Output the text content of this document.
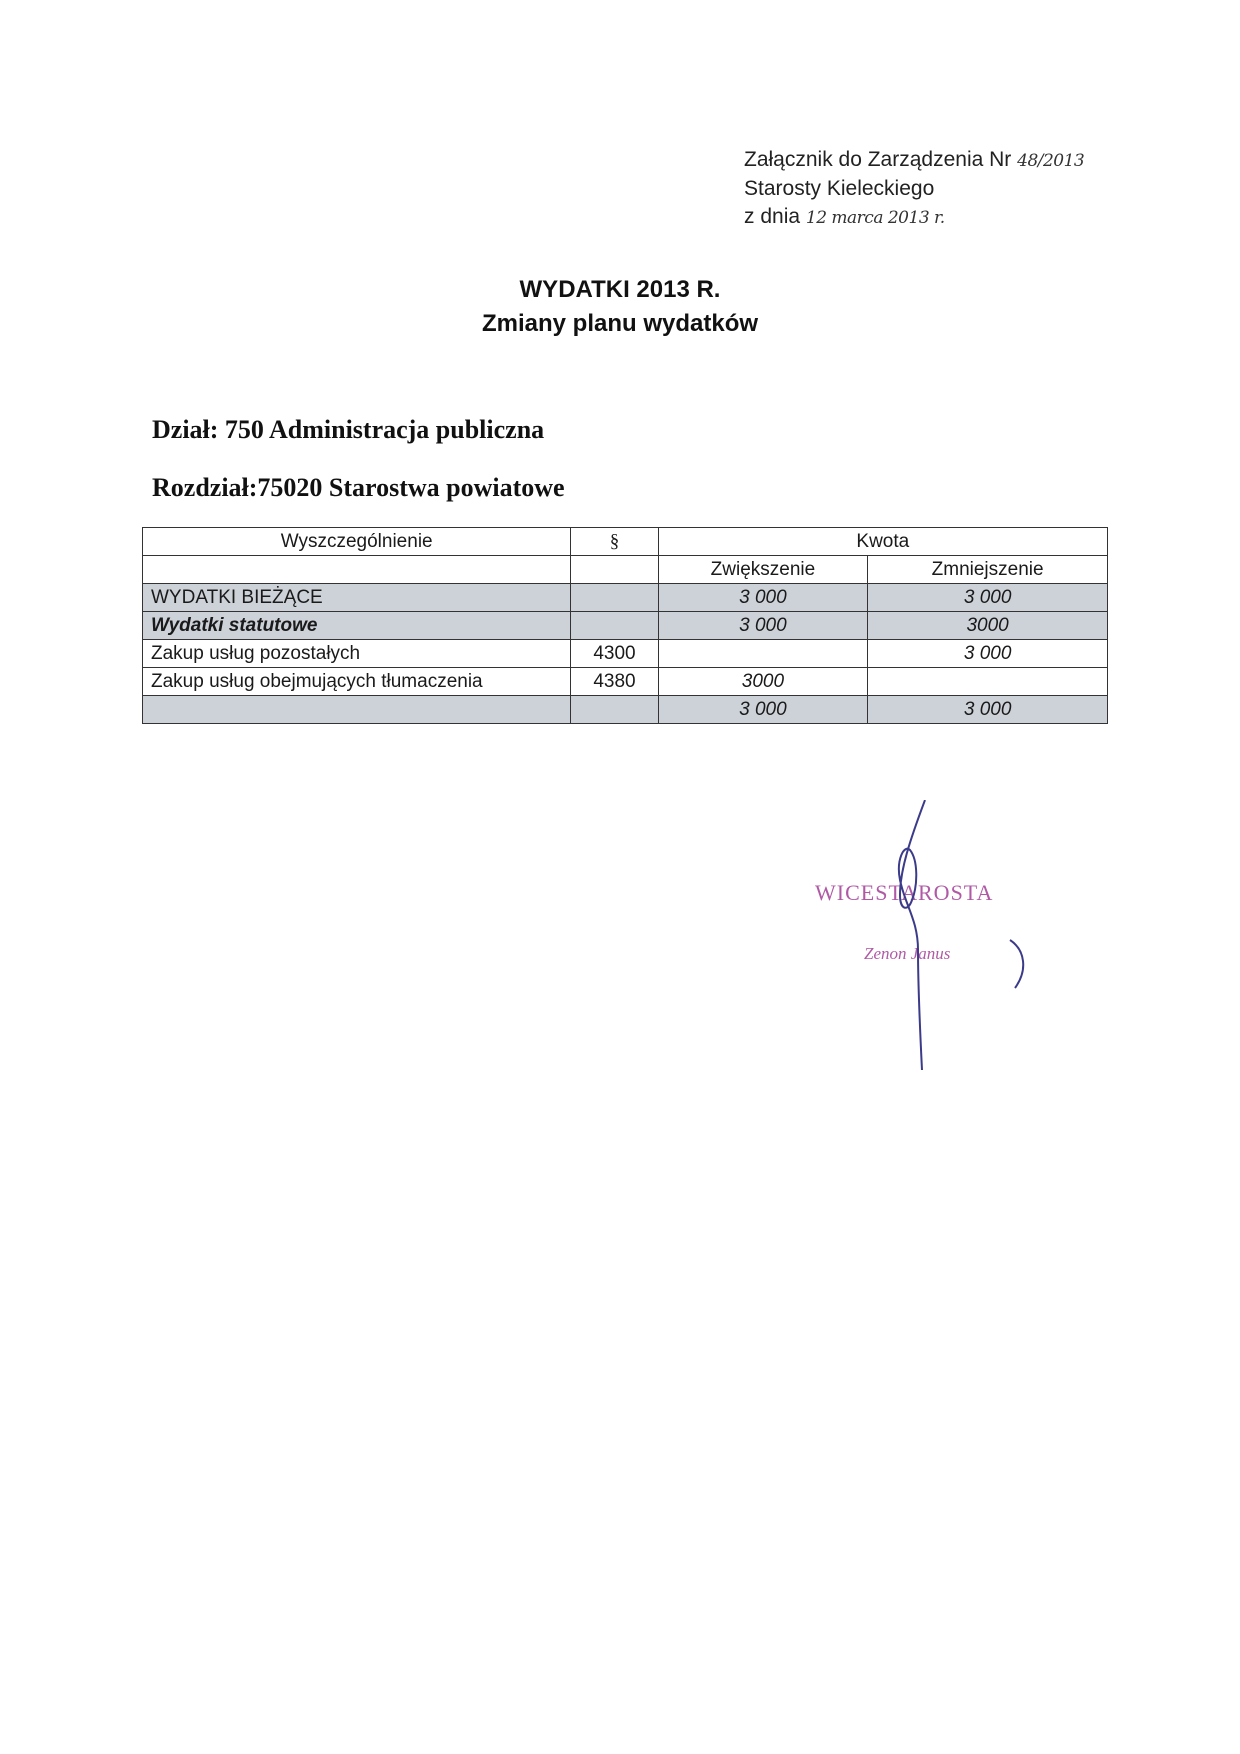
Załącznik do Zarządzenia Nr 48/2013
Starosty Kieleckiego
z dnia 12 marca 2013 r.
WYDATKI 2013 R.
Zmiany planu wydatków
Dział: 750 Administracja publiczna
Rozdział:75020 Starostwa powiatowe
Wyszczególnienie	§	Kwota	
		Zwiększenie	Zmniejszenie
WYDATKI BIEŻĄCE		3 000	3 000
Wydatki statutowe		3 000	3000
Zakup usług pozostałych	4300		3 000
Zakup usług obejmujących tłumaczenia	4380	3000	
		3 000	3 000
WICESTAROSTA
Zenon Janus
